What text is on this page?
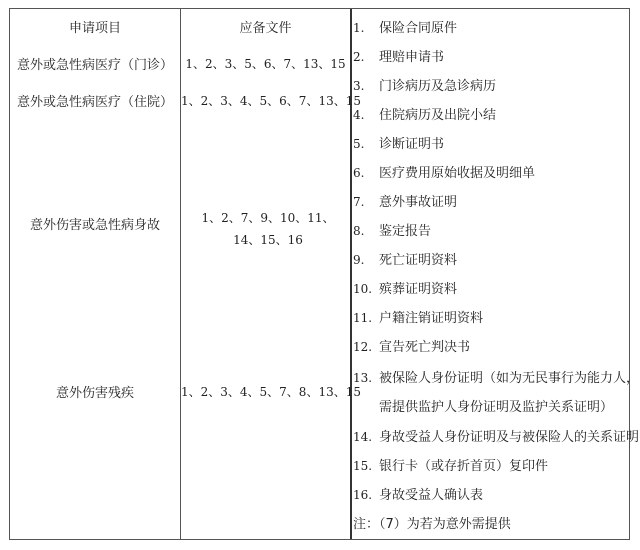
申请项目	应备文件
意外或急性病医疗（门诊）	1、2、3、5、6、7、13、15
意外或急性病医疗（住院） 1、2、3、4、5、6、7、13、15
意外伤害或急性病身故	1、2、7、9、10、11、14、15、16
意外伤害残疾	1、2、3、4、5、7、8、13、15
1. 保险合同原件
2. 理赔申请书
3. 门诊病历及急诊病历
4. 住院病历及出院小结
5. 诊断证明书
6. 医疗费用原始收据及明细单
7. 意外事故证明
8. 鉴定报告
9. 死亡证明资料
10. 殡葬证明资料
11. 户籍注销证明资料
12. 宣告死亡判决书
13. 被保险人身份证明（如为无民事行为能力人，
需提供监护人身份证明及监护关系证明）
14. 身故受益人身份证明及与被保险人的关系证明
15. 银行卡（或存折首页）复印件
16. 身故受益人确认表
注：（7）为若为意外需提供
